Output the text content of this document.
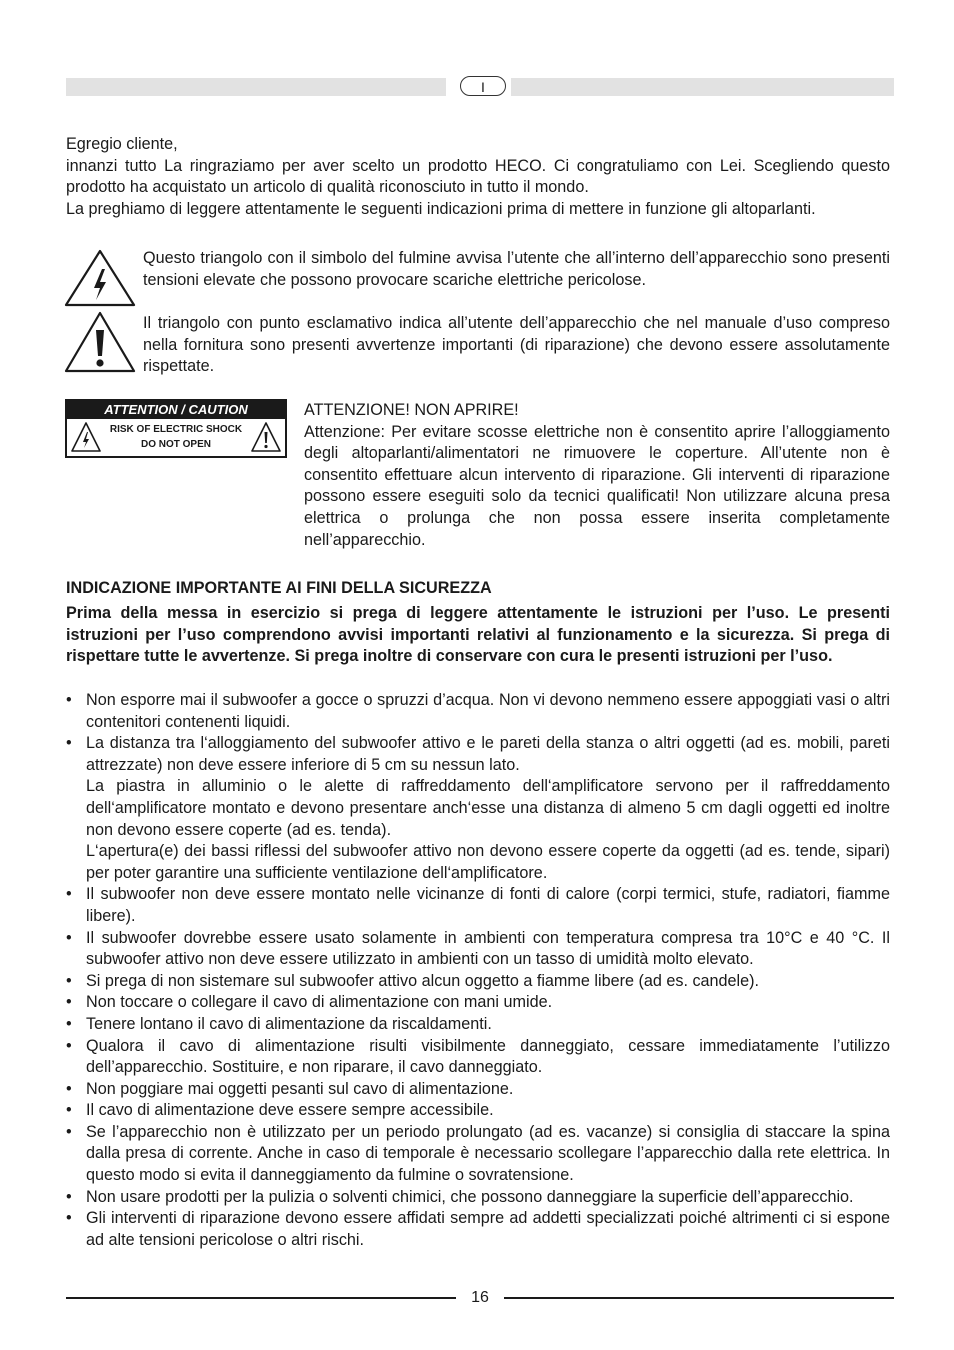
I

Egregio cliente,

innanzi tutto La ringraziamo per aver scelto un prodotto HECO. Ci congratuliamo con Lei. Scegliendo questo prodotto ha acquistato un articolo di qualità riconosciuto in tutto il mondo.

La preghiamo di leggere attentamente le seguenti indicazioni prima di mettere in funzione gli altoparlanti.

Questo triangolo con il simbolo del fulmine avvisa l’utente che all’interno dell’apparecchio sono presenti tensioni elevate che possono provocare scariche elettriche pericolose.
Il triangolo con punto esclamativo indica all’utente dell’apparecchio che nel manuale d’uso compreso nella fornitura sono presenti avvertenze importanti (di riparazione) che devono essere assolutamente rispettate.
ATTENTION / CAUTION
RISK OF ELECTRIC SHOCK
DO NOT OPEN

ATTENZIONE! NON APRIRE!

Attenzione: Per evitare scosse elettriche non è consentito aprire l’alloggiamento degli altoparlanti/alimentatori ne rimuovere le coperture. All’utente non è consentito effettuare alcun intervento di riparazione. Gli interventi di riparazione possono essere eseguiti solo da tecnici qualificati! Non utilizzare alcuna presa elettrica o prolunga che non possa essere inserita completamente nell’apparecchio.

INDICAZIONE IMPORTANTE AI FINI DELLA SICUREZZA
Prima della messa in esercizio si prega di leggere attentamente le istruzioni per l’uso. Le presenti istruzioni per l’uso comprendono avvisi importanti relativi al funzionamento e la sicurezza. Si prega di rispettare tutte le avvertenze. Si prega inoltre di conservare con cura le presenti istruzioni per l’uso.
• Non esporre mai il subwoofer a gocce o spruzzi d’acqua. Non vi devono nemmeno essere appoggiati vasi o altri contenitori contenenti liquidi.

• La distanza tra l‘alloggiamento del subwoofer attivo e le pareti della stanza o altri oggetti (ad es. mobili, pareti attrezzate) non deve essere inferiore di 5 cm su nessun lato.

La piastra in alluminio o le alette di raffreddamento dell‘amplificatore servono per il raffreddamento dell‘amplificatore montato e devono presentare anch‘esse una distanza di almeno 5 cm dagli oggetti ed inoltre non devono essere coperte (ad es. tenda).

L‘apertura(e) dei bassi riflessi del subwoofer attivo non devono essere coperte da oggetti (ad es. tende, sipari) per poter garantire una sufficiente ventilazione dell‘amplificatore.

• Il subwoofer non deve essere montato nelle vicinanze di fonti di calore (corpi termici, stufe, radiatori, fiamme libere).

• Il subwoofer dovrebbe essere usato solamente in ambienti con temperatura compresa tra 10°C e 40 °C. Il subwoofer attivo non deve essere utilizzato in ambienti con un tasso di umidità molto elevato.

• Si prega di non sistemare sul subwoofer attivo alcun oggetto a fiamme libere (ad es. candele).

• Non toccare o collegare il cavo di alimentazione con mani umide.

• Tenere lontano il cavo di alimentazione da riscaldamenti.

• Qualora il cavo di alimentazione risulti visibilmente danneggiato, cessare immediatamente l’utilizzo dell’apparecchio. Sostituire, e non riparare, il cavo danneggiato.

• Non poggiare mai oggetti pesanti sul cavo di alimentazione.

• Il cavo di alimentazione deve essere sempre accessibile.

• Se l’apparecchio non è utilizzato per un periodo prolungato (ad es. vacanze) si consiglia di staccare la spina dalla presa di corrente. Anche in caso di temporale è necessario scollegare l’apparecchio dalla rete elettrica. In questo modo si evita il danneggiamento da fulmine o sovratensione.

• Non usare prodotti per la pulizia o solventi chimici, che possono danneggiare la superficie dell’apparecchio.

• Gli interventi di riparazione devono essere affidati sempre ad addetti specializzati poiché altrimenti ci si espone ad alte tensioni pericolose o altri rischi.

16
